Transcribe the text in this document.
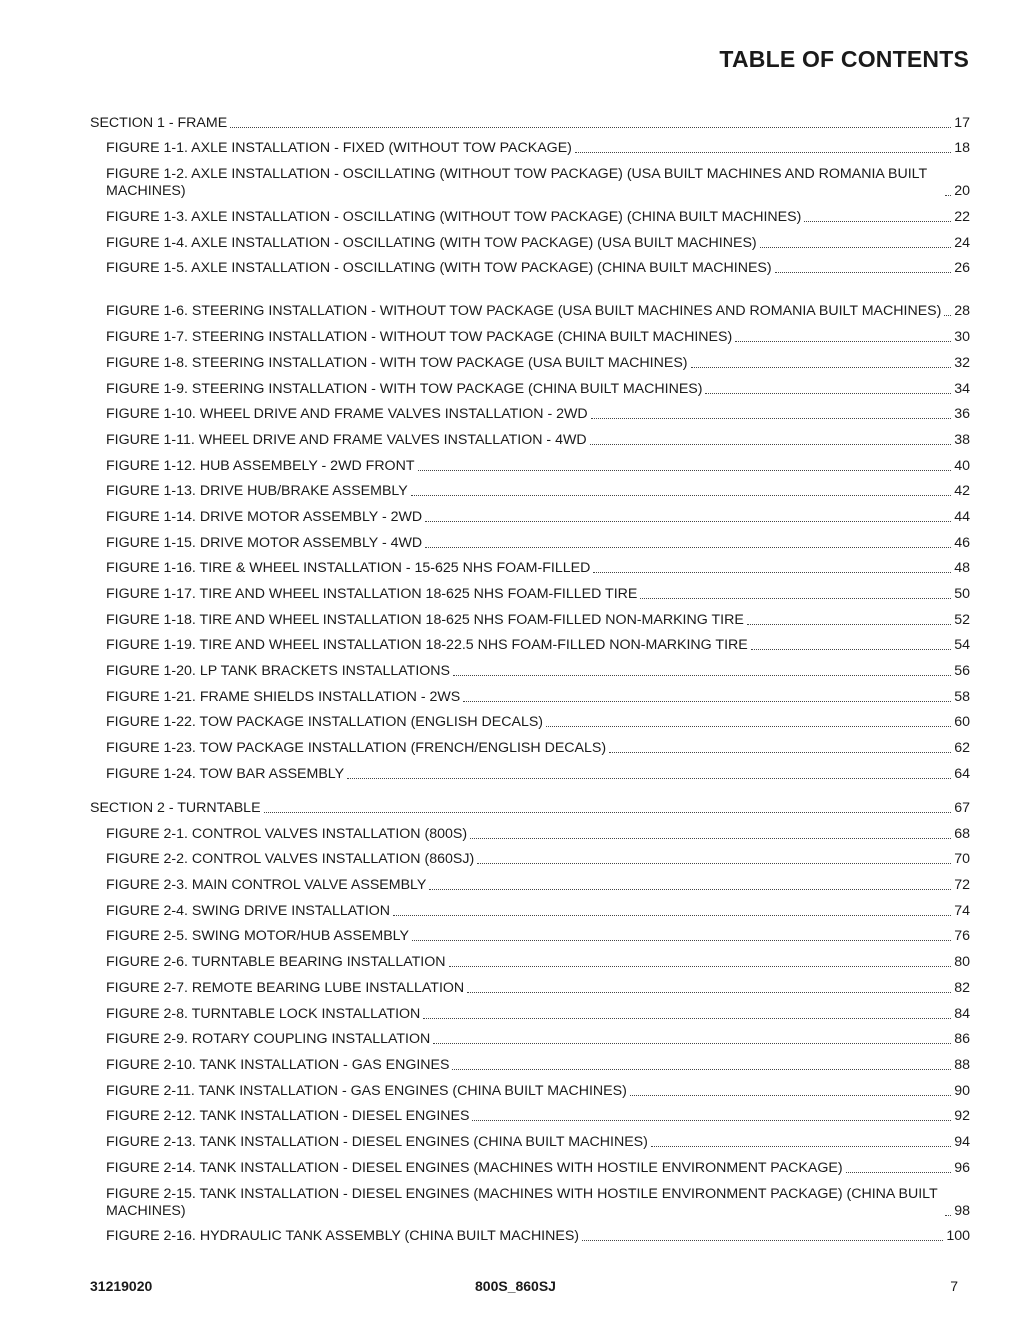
TABLE OF CONTENTS
SECTION 1 - FRAME	17
FIGURE 1-1. AXLE INSTALLATION - FIXED (WITHOUT TOW PACKAGE)	18
FIGURE 1-2. AXLE INSTALLATION - OSCILLATING (WITHOUT TOW PACKAGE) (USA BUILT MACHINES AND ROMANIA BUILT MACHINES)	20
FIGURE 1-3. AXLE INSTALLATION - OSCILLATING (WITHOUT TOW PACKAGE) (CHINA BUILT MACHINES)	22
FIGURE 1-4. AXLE INSTALLATION - OSCILLATING (WITH TOW PACKAGE) (USA BUILT MACHINES)	24
FIGURE 1-5. AXLE INSTALLATION - OSCILLATING (WITH TOW PACKAGE) (CHINA BUILT MACHINES)	26
FIGURE 1-6. STEERING INSTALLATION - WITHOUT TOW PACKAGE (USA BUILT MACHINES AND ROMANIA BUILT MACHINES) 28
FIGURE 1-7. STEERING INSTALLATION - WITHOUT TOW PACKAGE (CHINA BUILT MACHINES)	30
FIGURE 1-8. STEERING INSTALLATION - WITH TOW PACKAGE (USA BUILT MACHINES)	32
FIGURE 1-9. STEERING INSTALLATION - WITH TOW PACKAGE (CHINA BUILT MACHINES)	34
FIGURE 1-10. WHEEL DRIVE AND FRAME VALVES INSTALLATION - 2WD	36
FIGURE 1-11. WHEEL DRIVE AND FRAME VALVES INSTALLATION - 4WD	38
FIGURE 1-12. HUB ASSEMBELY - 2WD FRONT	40
FIGURE 1-13. DRIVE HUB/BRAKE ASSEMBLY	42
FIGURE 1-14. DRIVE MOTOR ASSEMBLY - 2WD	44
FIGURE 1-15. DRIVE MOTOR ASSEMBLY - 4WD	46
FIGURE 1-16. TIRE & WHEEL INSTALLATION - 15-625 NHS FOAM-FILLED	48
FIGURE 1-17. TIRE AND WHEEL INSTALLATION 18-625 NHS FOAM-FILLED TIRE	50
FIGURE 1-18. TIRE AND WHEEL INSTALLATION 18-625 NHS FOAM-FILLED NON-MARKING TIRE	52
FIGURE 1-19. TIRE AND WHEEL INSTALLATION 18-22.5 NHS FOAM-FILLED NON-MARKING TIRE	54
FIGURE 1-20. LP TANK BRACKETS INSTALLATIONS	56
FIGURE 1-21. FRAME SHIELDS INSTALLATION - 2WS	58
FIGURE 1-22. TOW PACKAGE INSTALLATION (ENGLISH DECALS)	60
FIGURE 1-23. TOW PACKAGE INSTALLATION (FRENCH/ENGLISH DECALS)	62
FIGURE 1-24. TOW BAR ASSEMBLY	64
SECTION 2 - TURNTABLE	67
FIGURE 2-1. CONTROL VALVES INSTALLATION (800S)	68
FIGURE 2-2. CONTROL VALVES INSTALLATION (860SJ)	70
FIGURE 2-3. MAIN CONTROL VALVE ASSEMBLY	72
FIGURE 2-4. SWING DRIVE INSTALLATION	74
FIGURE 2-5. SWING MOTOR/HUB ASSEMBLY	76
FIGURE 2-6. TURNTABLE BEARING INSTALLATION	80
FIGURE 2-7. REMOTE BEARING LUBE INSTALLATION	82
FIGURE 2-8. TURNTABLE LOCK INSTALLATION	84
FIGURE 2-9. ROTARY COUPLING INSTALLATION	86
FIGURE 2-10. TANK INSTALLATION - GAS ENGINES	88
FIGURE 2-11. TANK INSTALLATION - GAS ENGINES (CHINA BUILT MACHINES)	90
FIGURE 2-12. TANK INSTALLATION - DIESEL ENGINES	92
FIGURE 2-13. TANK INSTALLATION - DIESEL ENGINES (CHINA BUILT MACHINES)	94
FIGURE 2-14. TANK INSTALLATION - DIESEL ENGINES (MACHINES WITH HOSTILE ENVIRONMENT PACKAGE)	96
FIGURE 2-15. TANK INSTALLATION - DIESEL ENGINES (MACHINES WITH HOSTILE ENVIRONMENT PACKAGE) (CHINA BUILT MACHINES)	98
FIGURE 2-16. HYDRAULIC TANK ASSEMBLY (CHINA BUILT MACHINES)	100
31219020	800S_860SJ	7
